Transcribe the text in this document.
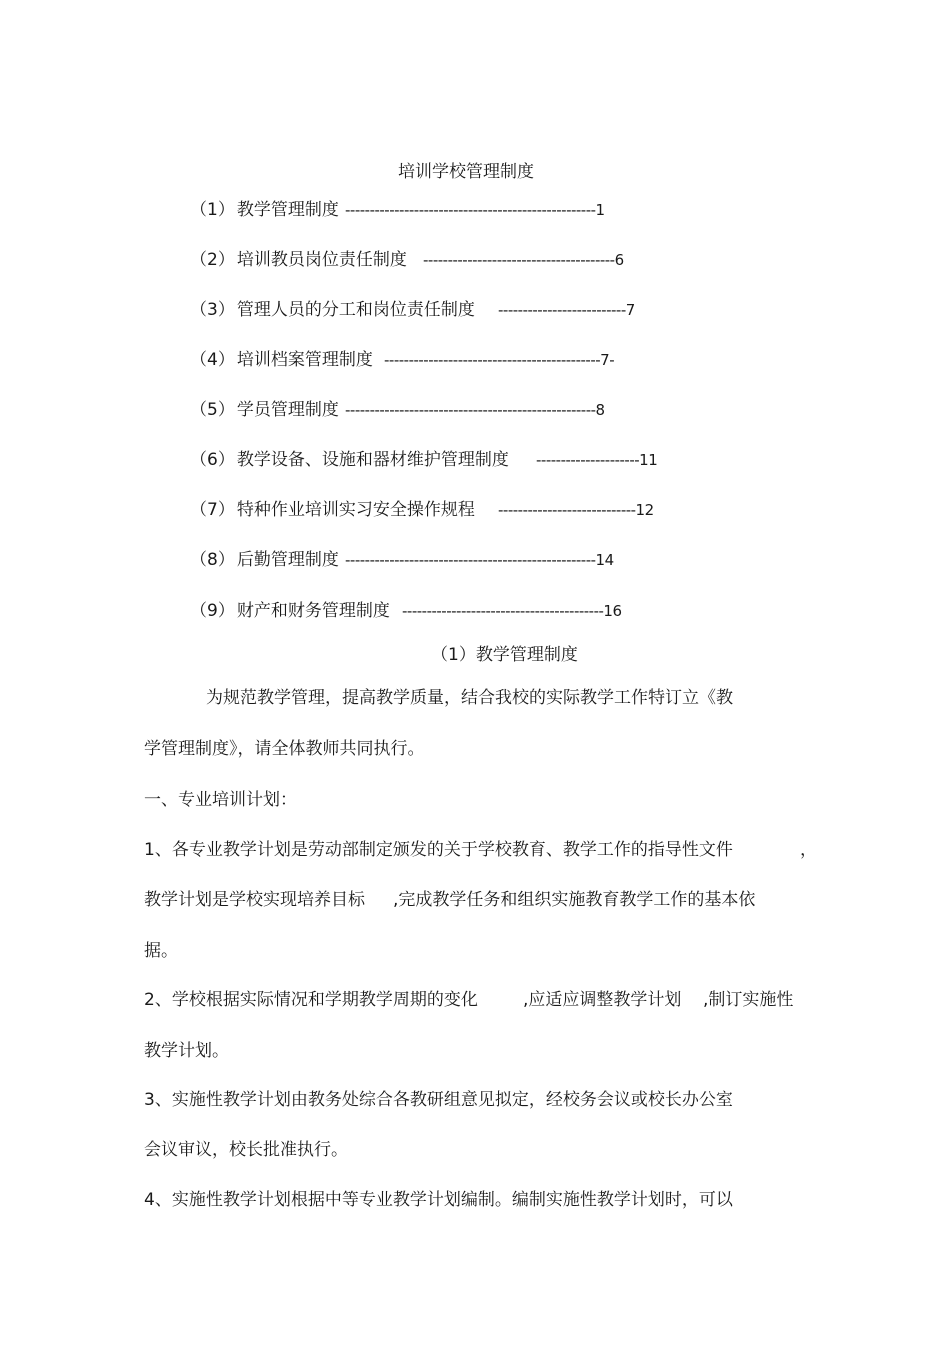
培训学校管理制度
（1） 教学管理制度 ---------------------------------------------------1
（2） 培训教员岗位责任制度 ---------------------------------------6
（3） 管理人员的分工和岗位责任制度 --------------------------7
（4） 培训档案管理制度 --------------------------------------------7-
（5） 学员管理制度 ---------------------------------------------------8
（6） 教学设备、设施和器材维护管理制度 ---------------------11
（7） 特种作业培训实习安全操作规程 ----------------------------12
（8） 后勤管理制度 ---------------------------------------------------14
（9） 财产和财务管理制度 -----------------------------------------16
（1）教学管理制度
为规范教学管理，提高教学质量，结合我校的实际教学工作特订立《教
学管理制度》，请全体教师共同执行。
一、专业培训计划：
1、各专业教学计划是劳动部制定颁发的关于学校教育、教学工作的指导性文件	，
教学计划是学校实现培养目标 ,完成教学任务和组织实施教育教学工作的基本依
据。
2、学校根据实际情况和学期教学周期的变化	,应适应调整教学计划 ,制订实施性
教学计划。
3、实施性教学计划由教务处综合各教研组意见拟定，经校务会议或校长办公室
会议审议，校长批准执行。
4、实施性教学计划根据中等专业教学计划编制。编制实施性教学计划时，可以
